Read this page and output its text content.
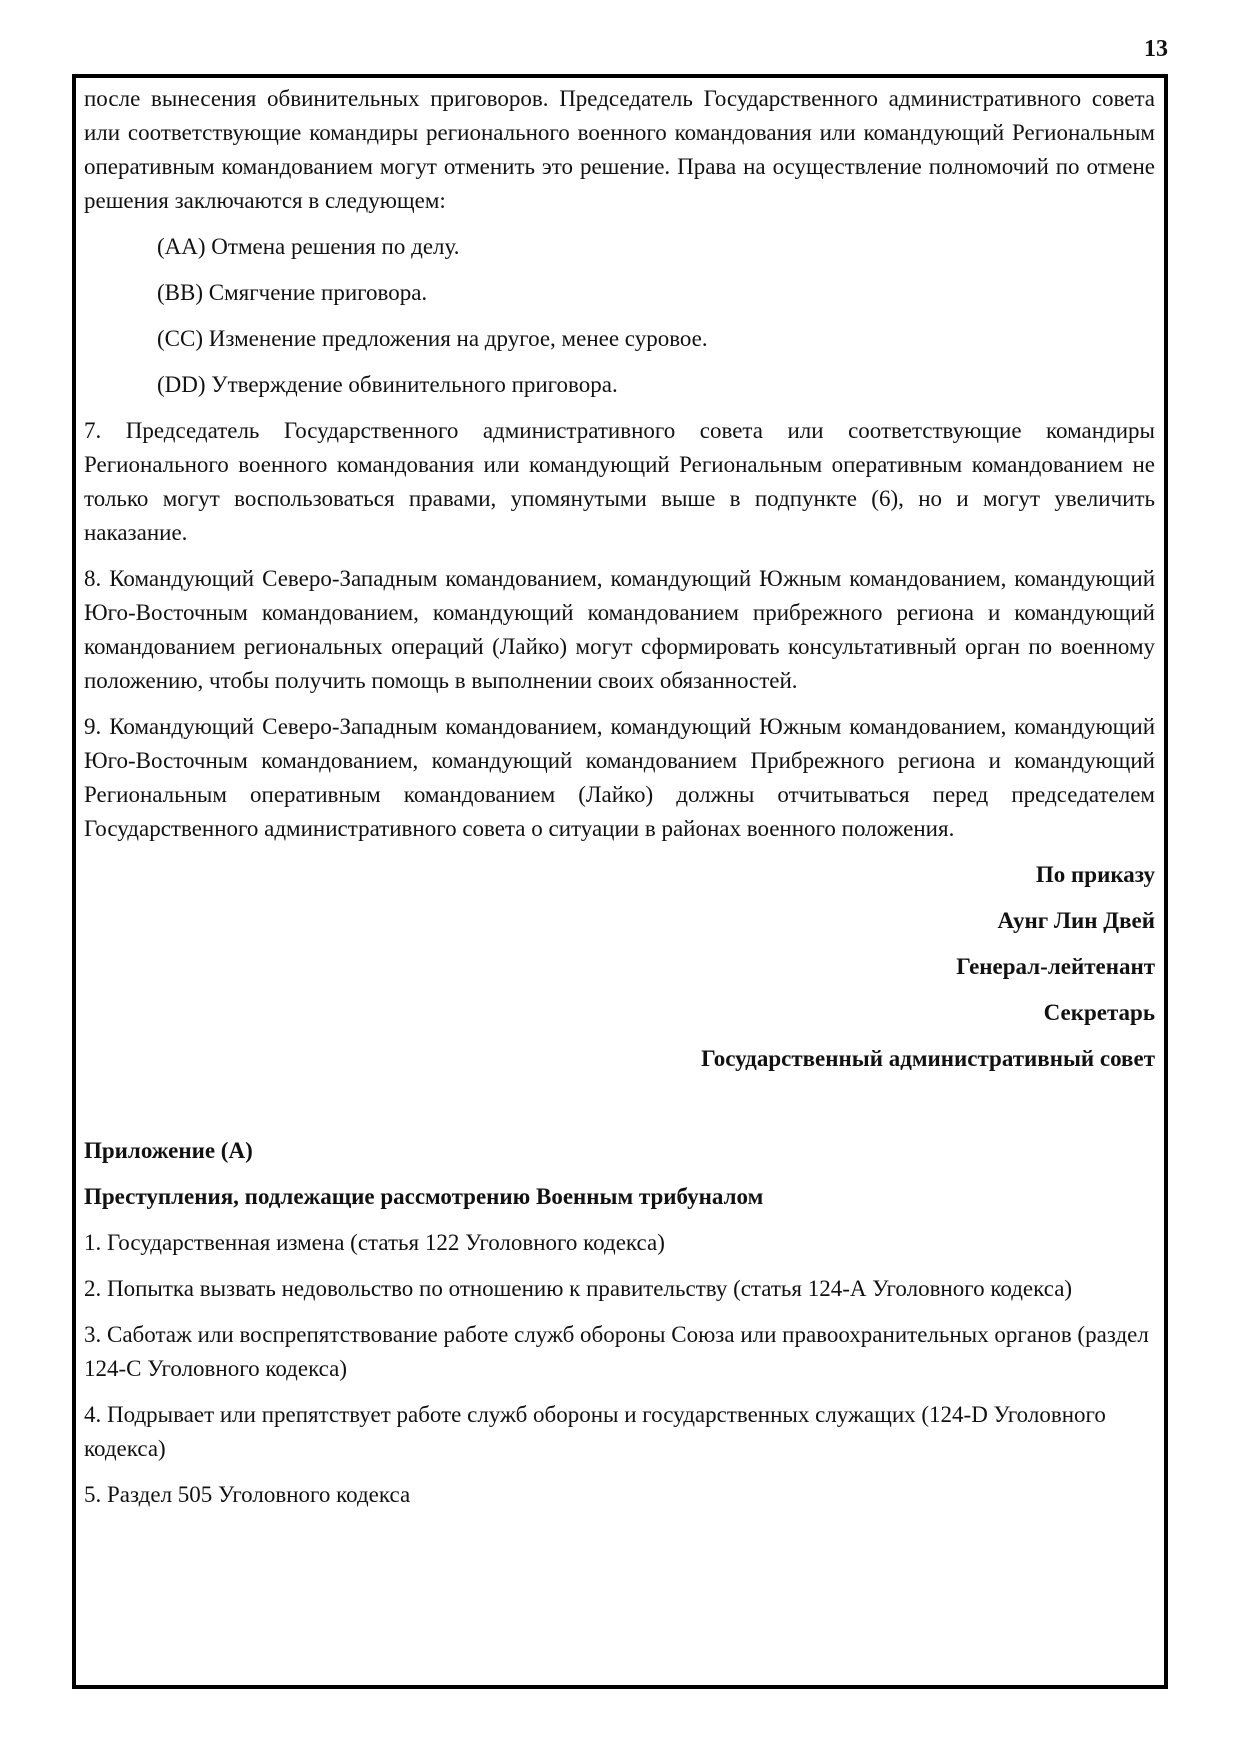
13

после вынесения обвинительных приговоров. Председатель Государственного административного совета или соответствующие командиры регионального военного командования или командующий Региональным оперативным командованием могут отменить это решение. Права на осуществление полномочий по отмене решения заключаются в следующем:

(AA) Отмена решения по делу.

(BB) Смягчение приговора.

(CC) Изменение предложения на другое, менее суровое.

(DD) Утверждение обвинительного приговора.

7. Председатель Государственного административного совета или соответствующие командиры Регионального военного командования или командующий Региональным оперативным командованием не только могут воспользоваться правами, упомянутыми выше в подпункте (6), но и могут увеличить наказание.

8. Командующий Северо-Западным командованием, командующий Южным командованием, командующий Юго-Восточным командованием, командующий командованием прибрежного региона и командующий командованием региональных операций (Лайко) могут сформировать консультативный орган по военному положению, чтобы получить помощь в выполнении своих обязанностей.

9. Командующий Северо-Западным командованием, командующий Южным командованием, командующий Юго-Восточным командованием, командующий командованием Прибрежного региона и командующий Региональным оперативным командованием (Лайко) должны отчитываться перед председателем Государственного административного совета о ситуации в районах военного положения.

По приказу

Аунг Лин Двей

Генерал-лейтенант

Секретарь

Государственный административный совет

Приложение (А)

Преступления, подлежащие рассмотрению Военным трибуналом

1. Государственная измена (статья 122 Уголовного кодекса)

2. Попытка вызвать недовольство по отношению к правительству (статья 124-А Уголовного кодекса)

3. Саботаж или воспрепятствование работе служб обороны Союза или правоохранительных органов (раздел 124-С Уголовного кодекса)

4. Подрывает или препятствует работе служб обороны и государственных служащих (124-D Уголовного кодекса)

5. Раздел 505 Уголовного кодекса
